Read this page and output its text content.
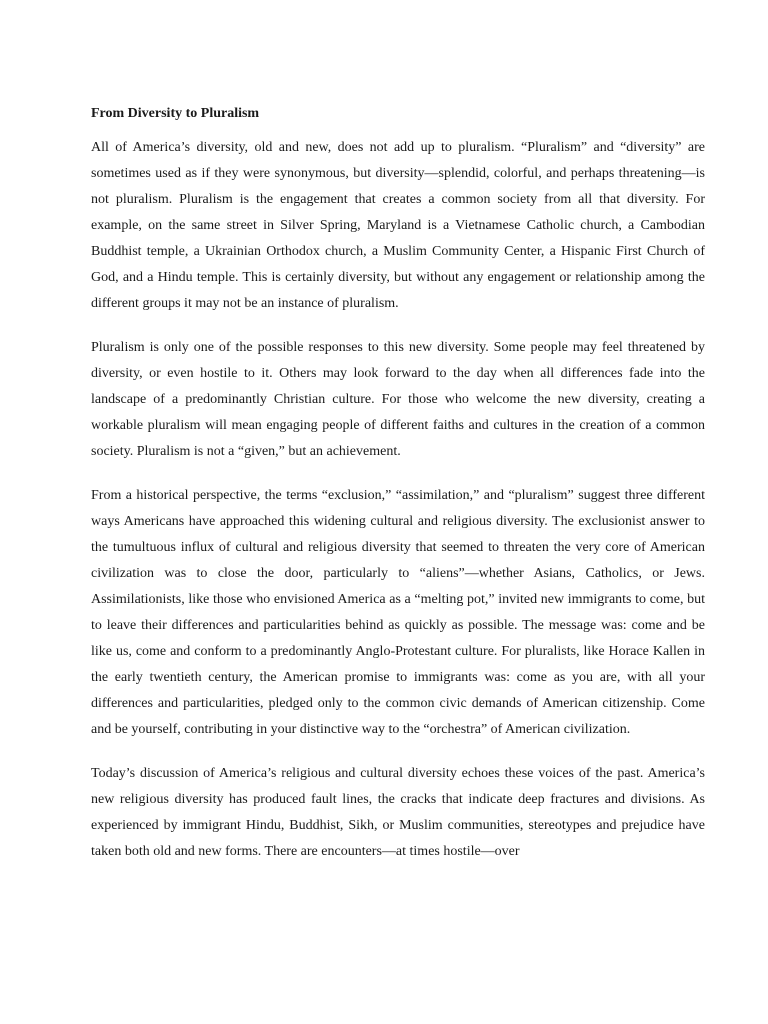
From Diversity to Pluralism

All of America’s diversity, old and new, does not add up to pluralism. “Pluralism” and “diversity” are sometimes used as if they were synonymous, but diversity—splendid, colorful, and perhaps threatening—is not pluralism. Pluralism is the engagement that creates a common society from all that diversity. For example, on the same street in Silver Spring, Maryland is a Vietnamese Catholic church, a Cambodian Buddhist temple, a Ukrainian Orthodox church, a Muslim Community Center, a Hispanic First Church of God, and a Hindu temple. This is certainly diversity, but without any engagement or relationship among the different groups it may not be an instance of pluralism.

Pluralism is only one of the possible responses to this new diversity. Some people may feel threatened by diversity, or even hostile to it. Others may look forward to the day when all differences fade into the landscape of a predominantly Christian culture. For those who welcome the new diversity, creating a workable pluralism will mean engaging people of different faiths and cultures in the creation of a common society. Pluralism is not a “given,” but an achievement.

From a historical perspective, the terms “exclusion,” “assimilation,” and “pluralism” suggest three different ways Americans have approached this widening cultural and religious diversity. The exclusionist answer to the tumultuous influx of cultural and religious diversity that seemed to threaten the very core of American civilization was to close the door, particularly to “aliens”—whether Asians, Catholics, or Jews. Assimilationists, like those who envisioned America as a “melting pot,” invited new immigrants to come, but to leave their differences and particularities behind as quickly as possible. The message was: come and be like us, come and conform to a predominantly Anglo-Protestant culture. For pluralists, like Horace Kallen in the early twentieth century, the American promise to immigrants was: come as you are, with all your differences and particularities, pledged only to the common civic demands of American citizenship. Come and be yourself, contributing in your distinctive way to the “orchestra” of American civilization.

Today’s discussion of America’s religious and cultural diversity echoes these voices of the past. America’s new religious diversity has produced fault lines, the cracks that indicate deep fractures and divisions. As experienced by immigrant Hindu, Buddhist, Sikh, or Muslim communities, stereotypes and prejudice have taken both old and new forms. There are encounters—at times hostile—over
